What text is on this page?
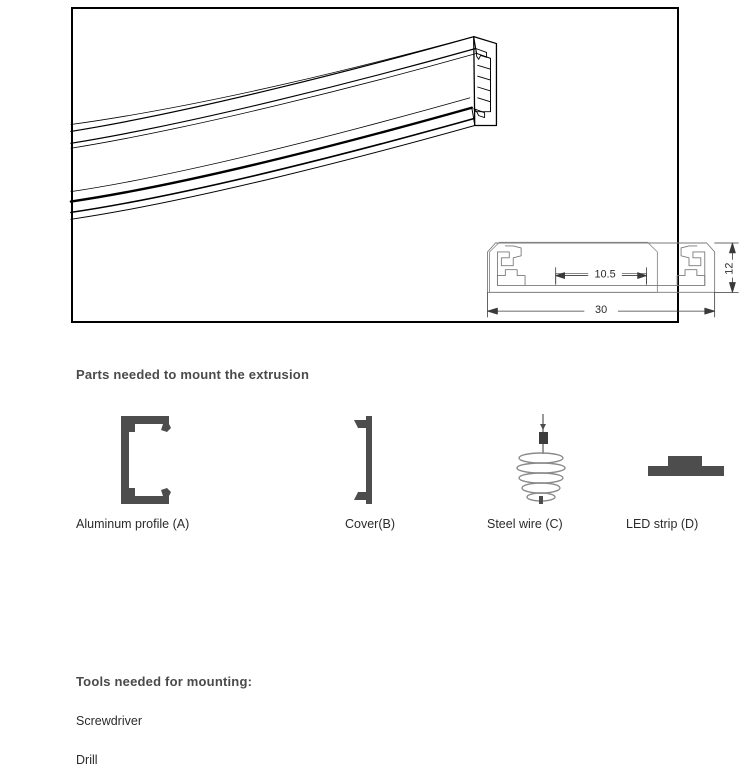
10.5
30
12
Parts needed to mount the extrusion
Aluminum profile (A)	Cover(B)	Steel wire (C)	LED strip (D)
Tools needed for mounting:
Screwdriver
Drill
